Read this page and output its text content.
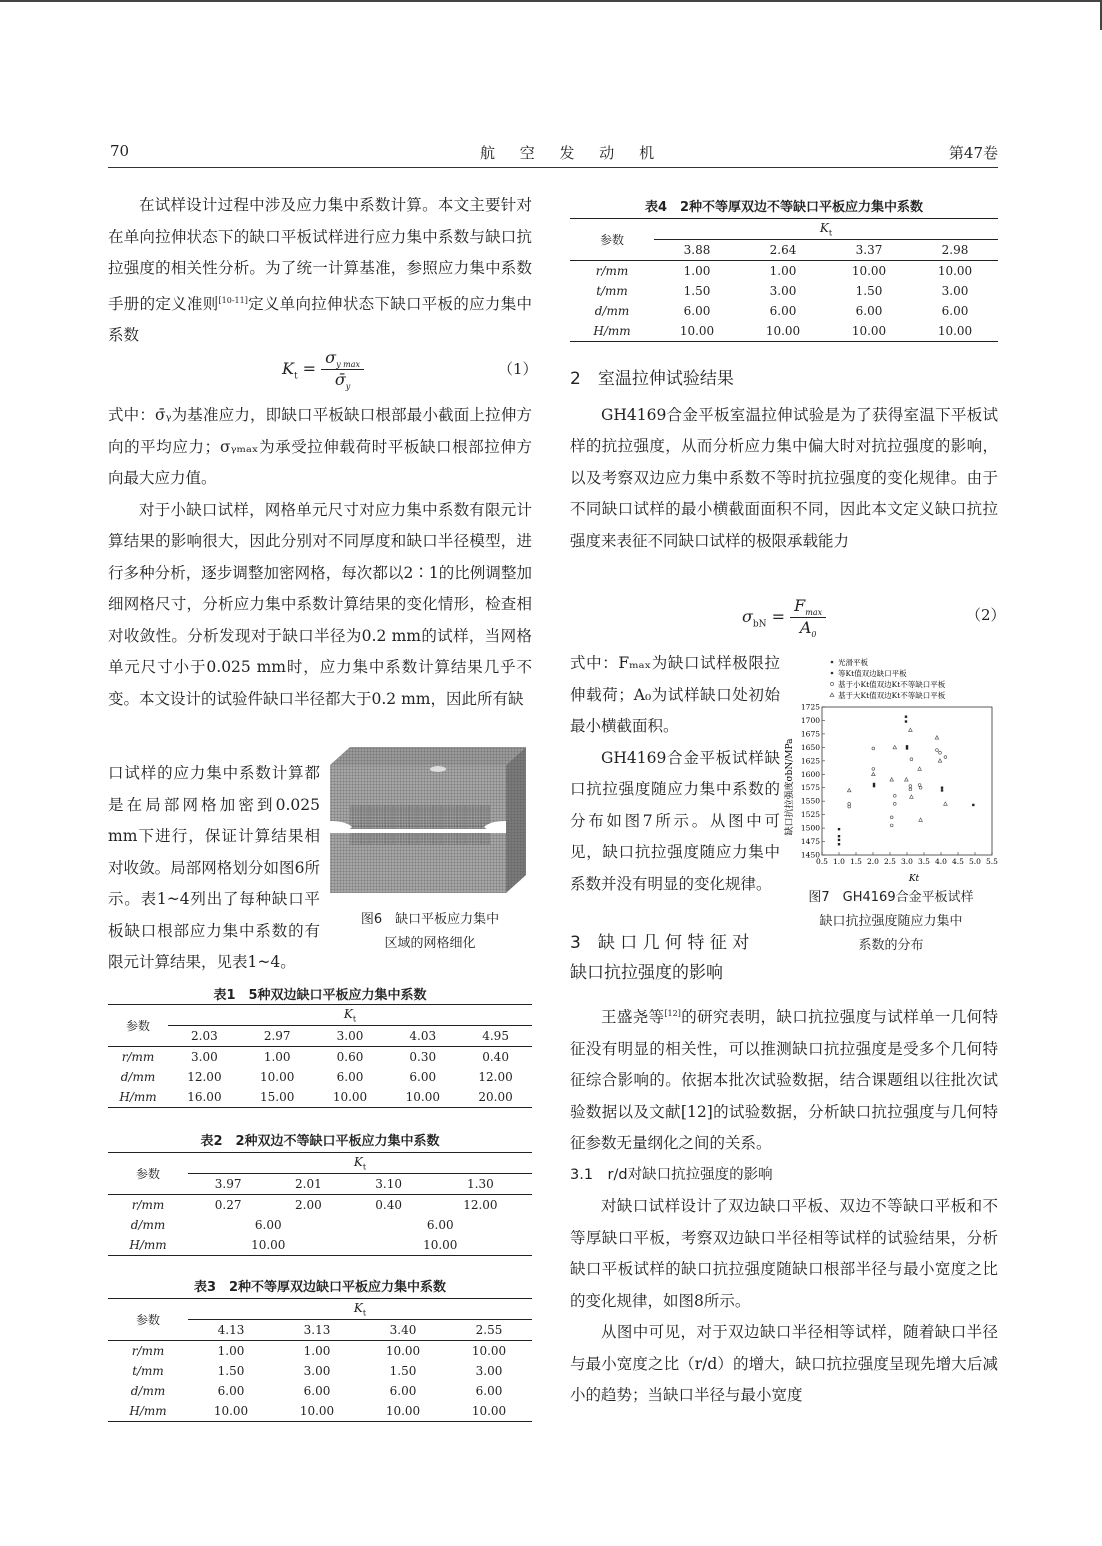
70	航 空 发 动 机	第47卷

在试样设计过程中涉及应力集中系数计算。本文主要针对在单向拉伸状态下的缺口平板试样进行应力集中系数与缺口抗拉强度的相关性分析。为了统一计算基准，参照应力集中系数手册的定义准则[10-11]定义单向拉伸状态下缺口平板的应力集中系数

$K_t$ =
$\sigma_{y max}$
$\sigmā_y$
（1）

式中：σ̄ᵧ为基准应力，即缺口平板缺口根部最小截面上拉伸方向的平均应力；σᵧₘₐₓ为承受拉伸载荷时平板缺口根部拉伸方向最大应力值。

对于小缺口试样，网格单元尺寸对应力集中系数有限元计算结果的影响很大，因此分别对不同厚度和缺口半径模型，进行多种分析，逐步调整加密网格，每次都以2∶1的比例调整加细网格尺寸，分析应力集中系数计算结果的变化情形，检查相对收敛性。分析发现对于缺口半径为0.2 mm的试样，当网格单元尺寸小于0.025 mm时，应力集中系数计算结果几乎不变。本文设计的试验件缺口半径都大于0.2 mm，因此所有缺

口试样的应力集中系数计算都是在局部网格加密到0.025 mm下进行，保证计算结果相对收敛。局部网格划分如图6所示。表1~4列出了每种缺口平板缺口根部应力集中系数的有限元计算结果，见表1~4。

图6　缺口平板应力集中
区域的网格细化
表1　5种双边缺口平板应力集中系数
参数	$K_t$
	2.03	2.97	3.00	4.03	4.95
r/mm	3.00	1.00	0.60	0.30	0.40
d/mm	12.00	10.00	6.00	6.00	12.00
H/mm	16.00	15.00	10.00	10.00	20.00
表2　2种双边不等缺口平板应力集中系数
参数	$K_t$
	3.97	2.01	3.10	1.30
r/mm	0.27	2.00	0.40	12.00
d/mm	6.00		6.00	
H/mm	10.00		10.00	
表3　2种不等厚双边缺口平板应力集中系数
参数	$K_t$
	4.13	3.13	3.40	2.55
r/mm	1.00	1.00	10.00	10.00
t/mm	1.50	3.00	1.50	3.00
d/mm	6.00	6.00	6.00	6.00
H/mm	10.00	10.00	10.00	10.00
表4　2种不等厚双边不等缺口平板应力集中系数
参数	$K_t$
	3.88	2.64	3.37	2.98
r/mm	1.00	1.00	10.00	10.00
t/mm	1.50	3.00	1.50	3.00
d/mm	6.00	6.00	6.00	6.00
H/mm	10.00	10.00	10.00	10.00

2　室温拉伸试验结果

GH4169合金平板室温拉伸试验是为了获得室温下平板试样的抗拉强度，从而分析应力集中偏大时对抗拉强度的影响，以及考察双边应力集中系数不等时抗拉强度的变化规律。由于不同缺口试样的最小横截面面积不同，因此本文定义缺口抗拉强度来表征不同缺口试样的极限承载能力

$\sigma_{bN}$ =
$F_{max}$
$A_0$
（2）

式中：Fₘₐₓ为缺口试样极限拉伸载荷；A₀为试样缺口处初始最小横截面积。

GH4169合金平板试样缺口抗拉强度随应力集中系数的分布如图7所示。从图中可见，缺口抗拉强度随应力集中系数并没有明显的变化规律。

光滑平板
等Kt值双边缺口平板
基于小Kt值双边Kt不等缺口平板
基于大Kt值双边Kt不等缺口平板
1450
1475
1500
1525
1550
1575
1600
1625
1650
1675
1700
1725
0.5 1.0 1.5 2.0 2.5 3.0 3.5 4.0 4.5 5.0 5.5
缺口抗拉强度σbN/MPa
Kt
图7　GH4169合金平板试样
缺口抗拉强度随应力集中
系数的分布

3　缺 口 几 何 特 征 对

缺口抗拉强度的影响

王盛尧等[12]的研究表明，缺口抗拉强度与试样单一几何特征没有明显的相关性，可以推测缺口抗拉强度是受多个几何特征综合影响的。依据本批次试验数据，结合课题组以往批次试验数据以及文献[12]的试验数据，分析缺口抗拉强度与几何特征参数无量纲化之间的关系。

3.1　r/d对缺口抗拉强度的影响

对缺口试样设计了双边缺口平板、双边不等缺口平板和不等厚缺口平板，考察双边缺口半径相等试样的试验结果，分析缺口平板试样的缺口抗拉强度随缺口根部半径与最小宽度之比的变化规律，如图8所示。

从图中可见，对于双边缺口半径相等试样，随着缺口半径与最小宽度之比（r/d）的增大，缺口抗拉强度呈现先增大后减小的趋势；当缺口半径与最小宽度
